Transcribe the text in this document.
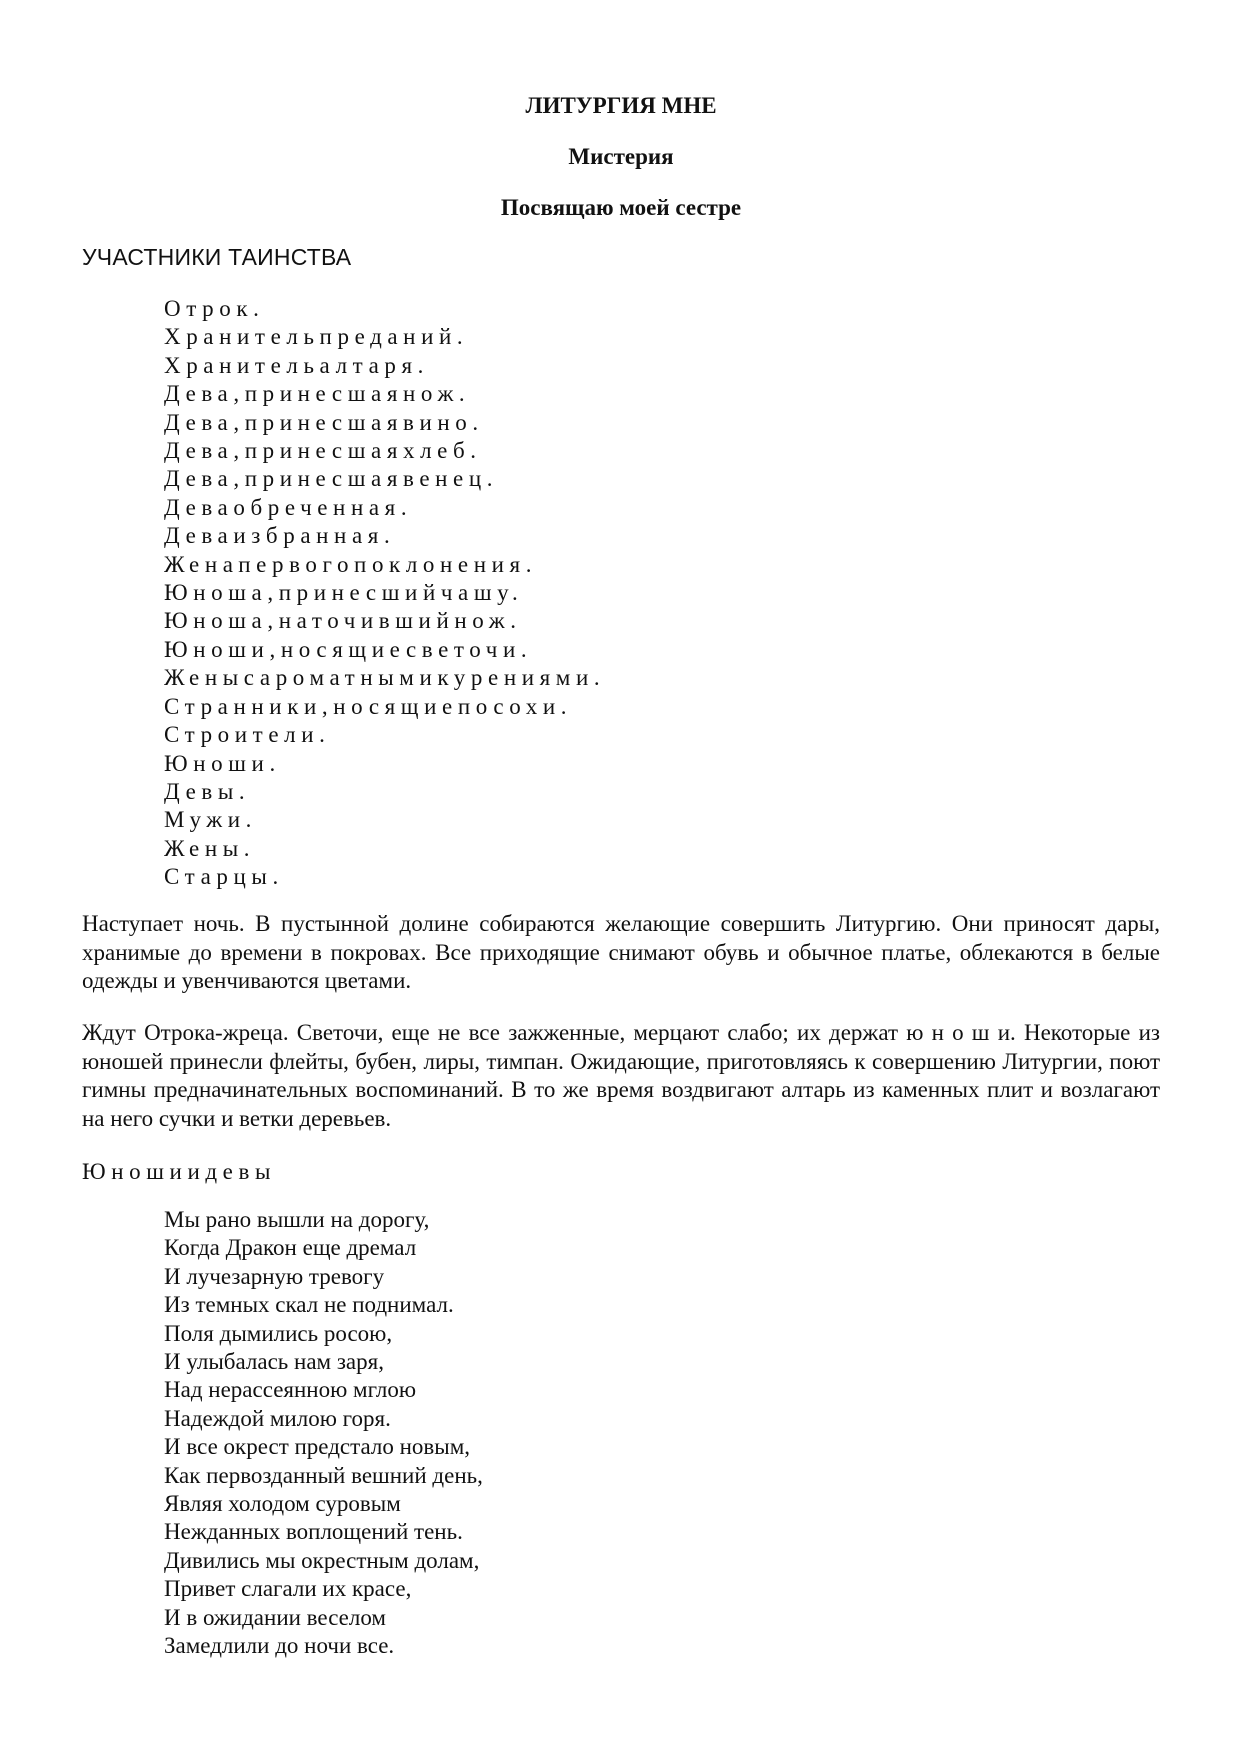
ЛИТУРГИЯ МНЕ
Мистерия
Посвящаю моей сестре
УЧАСТНИКИ ТАИНСТВА
Отрок.
Хранительпреданий.
Хранительалтаря.
Дева,принесшаянож.
Дева,принесшаявино.
Дева,принесшаяхлеб.
Дева,принесшаявенец.
Деваобреченная.
Деваизбранная.
Женапервогопоклонения.
Юноша,принесшийчашу.
Юноша,наточившийнож.
Юноши,носящиесветочи.
Женысароматнымикурениями.
Странники,носящиепосохи.
Строители.
Юноши.
Девы.
Мужи.
Жены.
Старцы.

Наступает ночь. В пустынной долине собираются желающие совершить Литургию. Они приносят дары, хранимые до времени в покровах. Все приходящие снимают обувь и обычное платье, облекаются в белые одежды и увенчиваются цветами.

Ждут Отрока-жреца. Светочи, еще не все зажженные, мерцают слабо; их держат ю н о ш и. Некоторые из юношей принесли флейты, бубен, лиры, тимпан. Ожидающие, приготовляясь к совершению Литургии, поют гимны предначинательных воспоминаний. В то же время воздвигают алтарь из каменных плит и возлагают на него сучки и ветки деревьев.

Юношиидевы
Мы рано вышли на дорогу,
Когда Дракон еще дремал
И лучезарную тревогу
Из темных скал не поднимал.
Поля дымились росою,
И улыбалась нам заря,
Над нерассеянною мглою
Надеждой милою горя.
И все окрест предстало новым,
Как первозданный вешний день,
Являя холодом суровым
Нежданных воплощений тень.
Дивились мы окрестным долам,
Привет слагали их красе,
И в ожидании веселом
Замедлили до ночи все.
